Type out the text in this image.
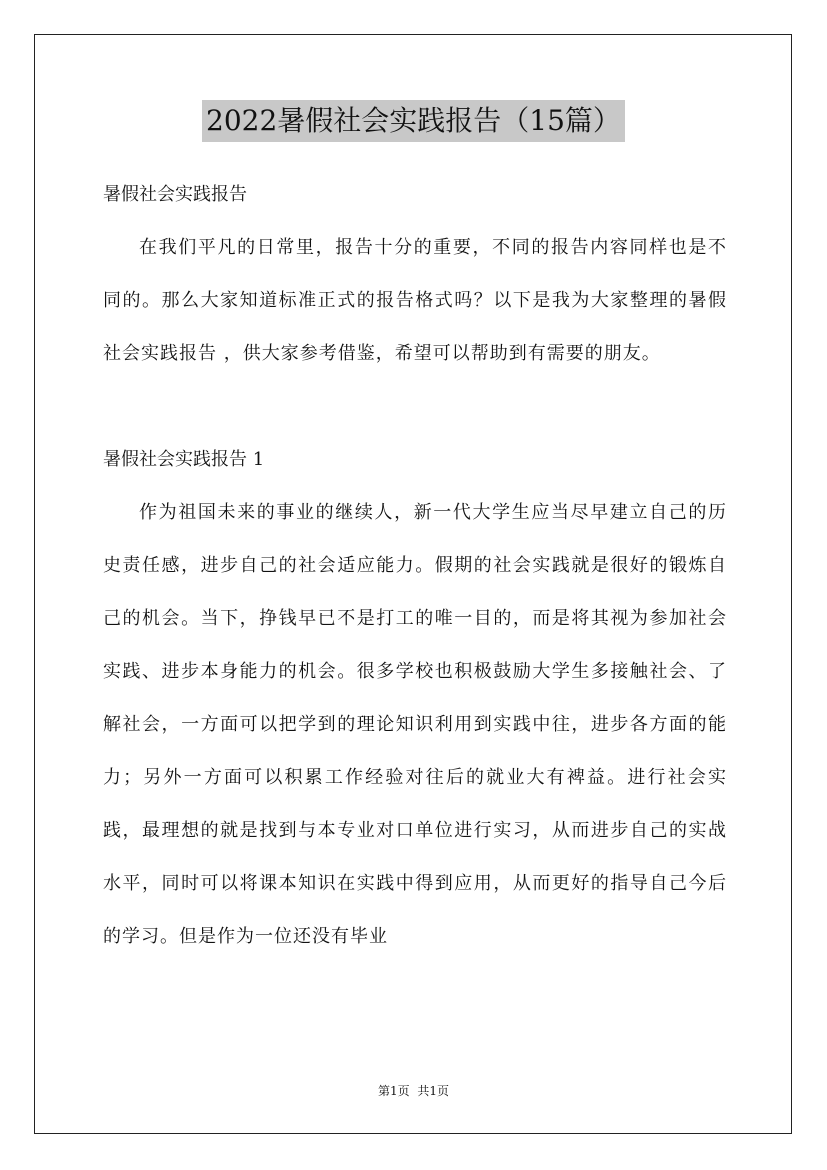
2022暑假社会实践报告（15篇）

暑假社会实践报告

在我们平凡的日常里，报告十分的重要，不同的报告内容同样也是不同的。那么大家知道标准正式的报告格式吗？以下是我为大家整理的暑假社会实践报告 ，供大家参考借鉴，希望可以帮助到有需要的朋友。

暑假社会实践报告 1

作为祖国未来的事业的继续人，新一代大学生应当尽早建立自己的历史责任感，进步自己的社会适应能力。假期的社会实践就是很好的锻炼自己的机会。当下，挣钱早已不是打工的唯一目的，而是将其视为参加社会实践、进步本身能力的机会。很多学校也积极鼓励大学生多接触社会、了解社会，一方面可以把学到的理论知识利用到实践中往，进步各方面的能力；另外一方面可以积累工作经验对往后的就业大有裨益。进行社会实践，最理想的就是找到与本专业对口单位进行实习，从而进步自己的实战水平，同时可以将课本知识在实践中得到应用，从而更好的指导自己今后的学习。但是作为一位还没有毕业

第1页 共1页
